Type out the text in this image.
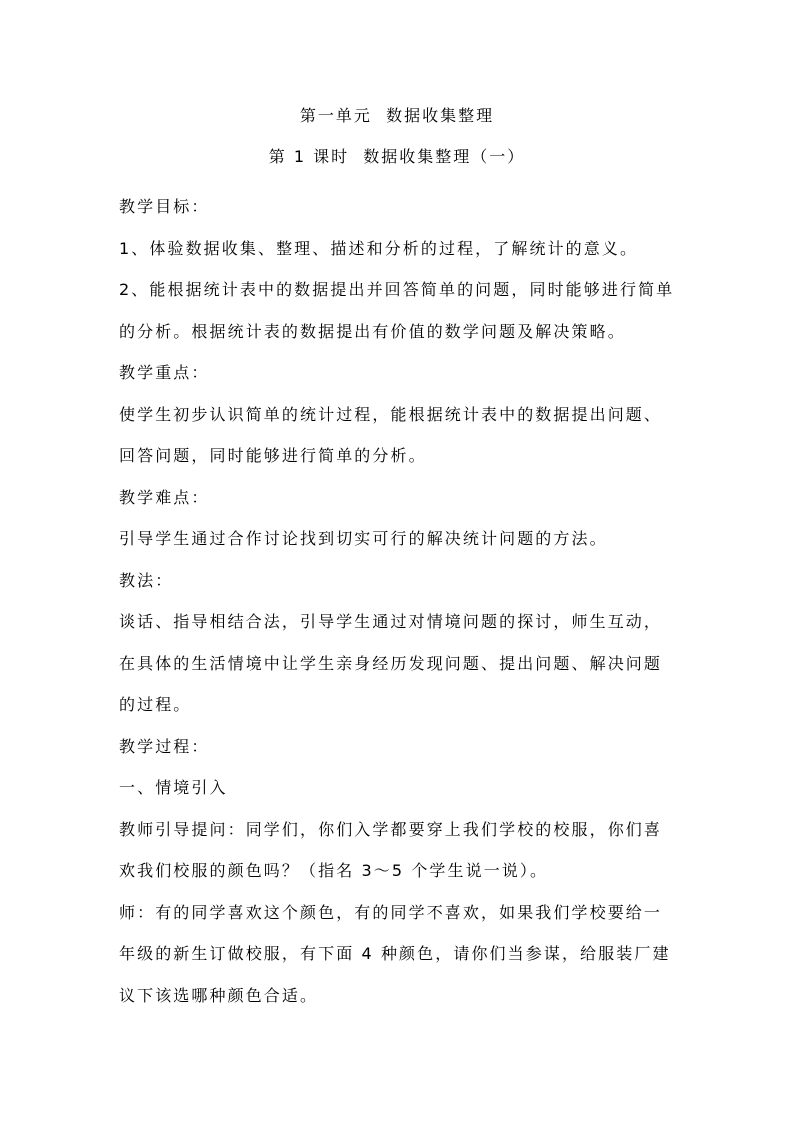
第一单元  数据收集整理
第 1 课时  数据收集整理（一）
教学目标：
1、体验数据收集、整理、描述和分析的过程，了解统计的意义。
2、能根据统计表中的数据提出并回答简单的问题，同时能够进行简单
的分析。根据统计表的数据提出有价值的数学问题及解决策略。
教学重点：
使学生初步认识简单的统计过程，能根据统计表中的数据提出问题、
回答问题，同时能够进行简单的分析。
教学难点：
引导学生通过合作讨论找到切实可行的解决统计问题的方法。
教法：
谈话、指导相结合法，引导学生通过对情境问题的探讨，师生互动，
在具体的生活情境中让学生亲身经历发现问题、提出问题、解决问题
的过程。
教学过程：
一、情境引入
教师引导提问：同学们，你们入学都要穿上我们学校的校服，你们喜
欢我们校服的颜色吗？（指名 3～5 个学生说一说）。
师：有的同学喜欢这个颜色，有的同学不喜欢，如果我们学校要给一
年级的新生订做校服，有下面 4 种颜色，请你们当参谋，给服装厂建
议下该选哪种颜色合适。
